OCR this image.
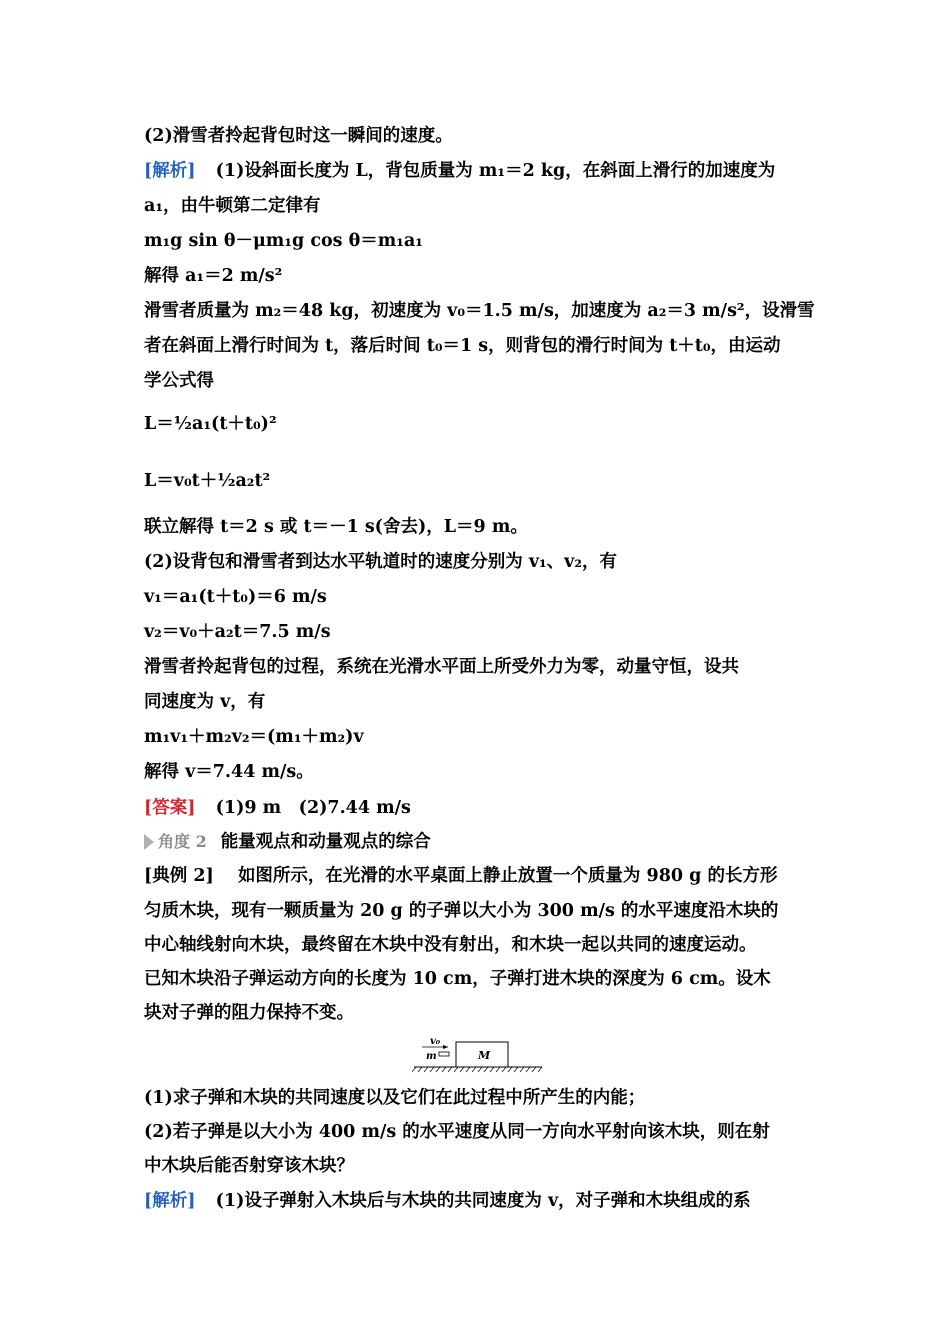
(2)滑雪者拎起背包时这一瞬间的速度。
[解析] (1)设斜面长度为 L，背包质量为 m₁＝2 kg，在斜面上滑行的加速度为
a₁，由牛顿第二定律有
m₁g sin θ－μm₁g cos θ＝m₁a₁
解得 a₁＝2 m/s²
滑雪者质量为 m₂＝48 kg，初速度为 v₀＝1.5 m/s，加速度为 a₂＝3 m/s²，设滑雪
者在斜面上滑行时间为 t，落后时间 t₀＝1 s，则背包的滑行时间为 t＋t₀，由运动
学公式得
L＝½a₁(t＋t₀)²
L＝v₀t＋½a₂t²
联立解得 t＝2 s 或 t＝－1 s(舍去)，L＝9 m。
(2)设背包和滑雪者到达水平轨道时的速度分别为 v₁、v₂，有
v₁＝a₁(t＋t₀)＝6 m/s
v₂＝v₀＋a₂t＝7.5 m/s
滑雪者拎起背包的过程，系统在光滑水平面上所受外力为零，动量守恒，设共
同速度为 v，有
m₁v₁＋m₂v₂＝(m₁＋m₂)v
解得 v＝7.44 m/s。
[答案] (1)9 m　(2)7.44 m/s
角度 2 能量观点和动量观点的综合
[典例 2] 如图所示，在光滑的水平桌面上静止放置一个质量为 980 g 的长方形
匀质木块，现有一颗质量为 20 g 的子弹以大小为 300 m/s 的水平速度沿木块的
中心轴线射向木块，最终留在木块中没有射出，和木块一起以共同的速度运动。
已知木块沿子弹运动方向的长度为 10 cm，子弹打进木块的深度为 6 cm。设木
块对子弹的阻力保持不变。
v₀
m	M
(1)求子弹和木块的共同速度以及它们在此过程中所产生的内能；
(2)若子弹是以大小为 400 m/s 的水平速度从同一方向水平射向该木块，则在射
中木块后能否射穿该木块？
[解析] (1)设子弹射入木块后与木块的共同速度为 v，对子弹和木块组成的系
